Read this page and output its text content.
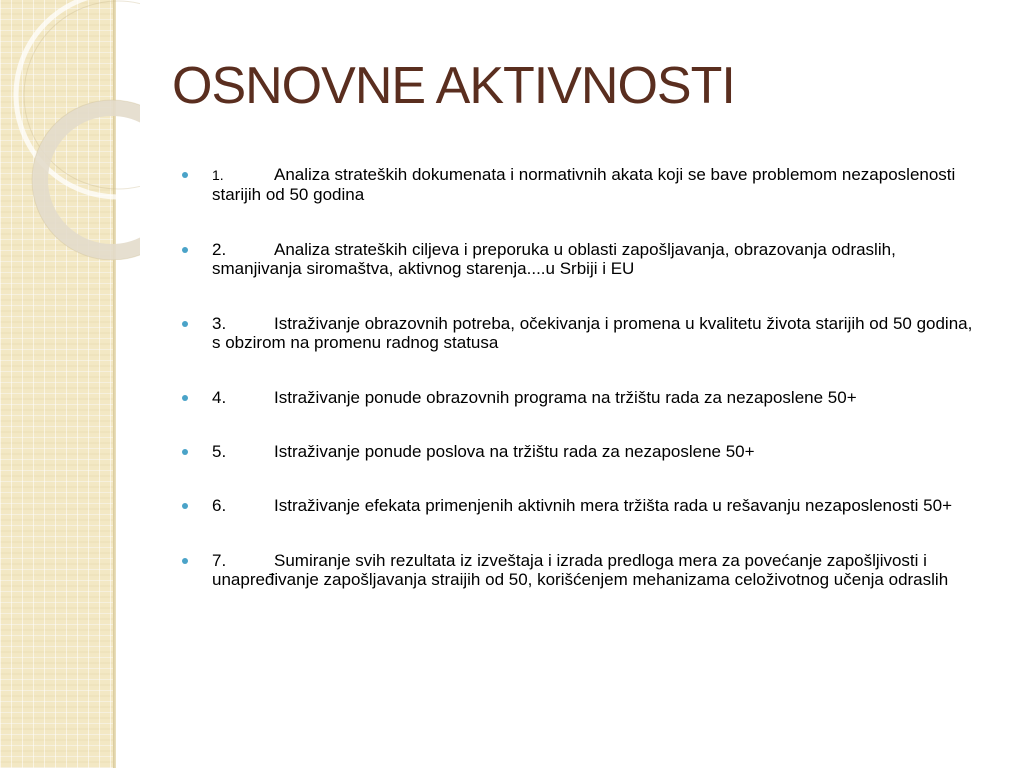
OSNOVNE AKTIVNOSTI
1.	Analiza strateških dokumenata i normativnih akata koji se bave problemom nezaposlenosti starijih od 50 godina
2.	Analiza strateških ciljeva i preporuka u oblasti zapošljavanja, obrazovanja odraslih, smanjivanja siromaštva, aktivnog starenja....u Srbiji i EU
3.	Istraživanje obrazovnih potreba, očekivanja i promena u kvalitetu života starijih od 50 godina, s obzirom na promenu radnog statusa
4.	Istraživanje ponude obrazovnih programa na tržištu rada za nezaposlene 50+
5.	Istraživanje ponude poslova na tržištu rada za nezaposlene 50+
6.	Istraživanje efekata primenjenih aktivnih mera tržišta rada u rešavanju nezaposlenosti 50+
7.	Sumiranje svih rezultata iz izveštaja i izrada predloga mera za povećanje zapošljivosti i unapređivanje zapošljavanja straijih od 50, korišćenjem mehanizama celoživotnog učenja odraslih
